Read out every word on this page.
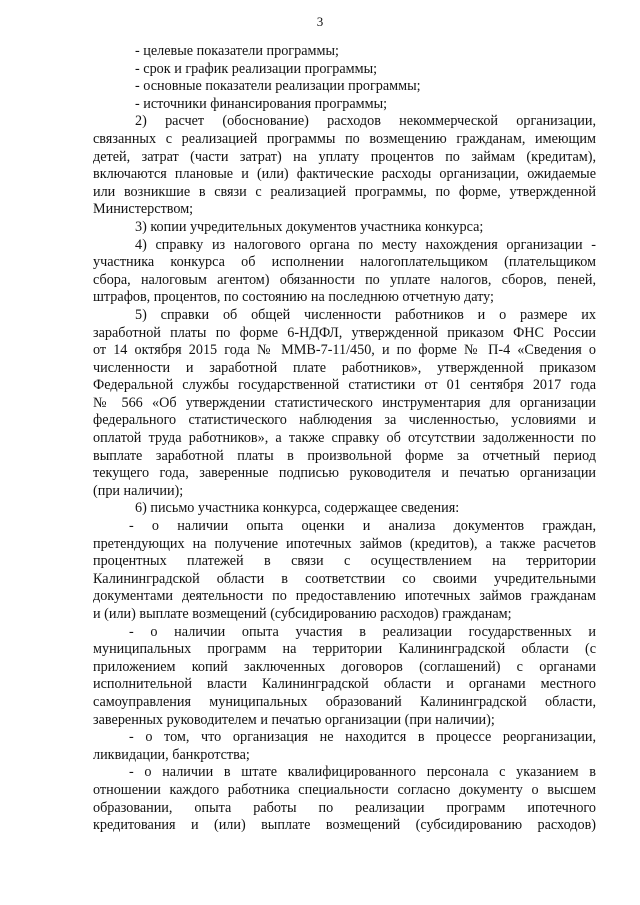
3
- целевые показатели программы;
- срок и график реализации программы;
- основные показатели реализации программы;
- источники финансирования программы;
2) расчет (обоснование) расходов некоммерческой организации,
связанных с реализацией программы по возмещению гражданам, имеющим
детей, затрат (части затрат) на уплату процентов по займам (кредитам),
включаются плановые и (или) фактические расходы организации, ожидаемые
или возникшие в связи с реализацией программы, по форме, утвержденной
Министерством;
3) копии учредительных документов участника конкурса;
4) справку из налогового органа по месту нахождения организации -
участника конкурса об исполнении налогоплательщиком (плательщиком
сбора, налоговым агентом) обязанности по уплате налогов, сборов, пеней,
штрафов, процентов, по состоянию на последнюю отчетную дату;
5) справки об общей численности работников и о размере их
заработной платы по форме 6-НДФЛ, утвержденной приказом ФНС России
от 14 октября 2015 года № ММВ-7-11/450, и по форме № П-4 «Сведения о
численности и заработной плате работников», утвержденной приказом
Федеральной службы государственной статистики от 01 сентября 2017 года
№ 566 «Об утверждении статистического инструментария для организации
федерального статистического наблюдения за численностью, условиями и
оплатой труда работников», а также справку об отсутствии задолженности по
выплате заработной платы в произвольной форме за отчетный период
текущего года, заверенные подписью руководителя и печатью организации
(при наличии);
6) письмо участника конкурса, содержащее сведения:
- о наличии опыта оценки и анализа документов граждан,
претендующих на получение ипотечных займов (кредитов), а также расчетов
процентных платежей в связи с осуществлением на территории
Калининградской области в соответствии со своими учредительными
документами деятельности по предоставлению ипотечных займов гражданам
и (или) выплате возмещений (субсидированию расходов) гражданам;
- о наличии опыта участия в реализации государственных и
муниципальных программ на территории Калининградской области (с
приложением копий заключенных договоров (соглашений) с органами
исполнительной власти Калининградской области и органами местного
самоуправления муниципальных образований Калининградской области,
заверенных руководителем и печатью организации (при наличии);
- о том, что организация не находится в процессе реорганизации,
ликвидации, банкротства;
- о наличии в штате квалифицированного персонала с указанием в
отношении каждого работника специальности согласно документу о высшем
образовании, опыта работы по реализации программ ипотечного
кредитования и (или) выплате возмещений (субсидированию расходов)
